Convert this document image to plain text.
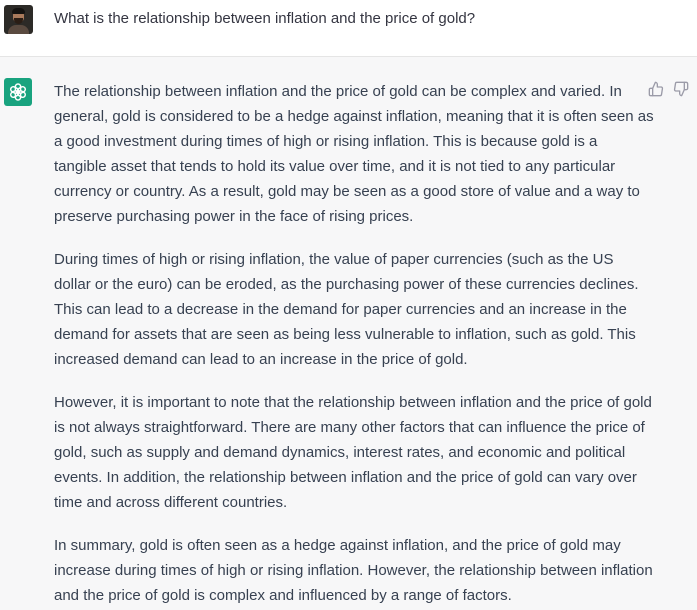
What is the relationship between inflation and the price of gold?

The relationship between inflation and the price of gold can be complex and varied. In general, gold is considered to be a hedge against inflation, meaning that it is often seen as a good investment during times of high or rising inflation. This is because gold is a tangible asset that tends to hold its value over time, and it is not tied to any particular currency or country. As a result, gold may be seen as a good store of value and a way to preserve purchasing power in the face of rising prices.

During times of high or rising inflation, the value of paper currencies (such as the US dollar or the euro) can be eroded, as the purchasing power of these currencies declines. This can lead to a decrease in the demand for paper currencies and an increase in the demand for assets that are seen as being less vulnerable to inflation, such as gold. This increased demand can lead to an increase in the price of gold.

However, it is important to note that the relationship between inflation and the price of gold is not always straightforward. There are many other factors that can influence the price of gold, such as supply and demand dynamics, interest rates, and economic and political events. In addition, the relationship between inflation and the price of gold can vary over time and across different countries.

In summary, gold is often seen as a hedge against inflation, and the price of gold may increase during times of high or rising inflation. However, the relationship between inflation and the price of gold is complex and influenced by a range of factors.
